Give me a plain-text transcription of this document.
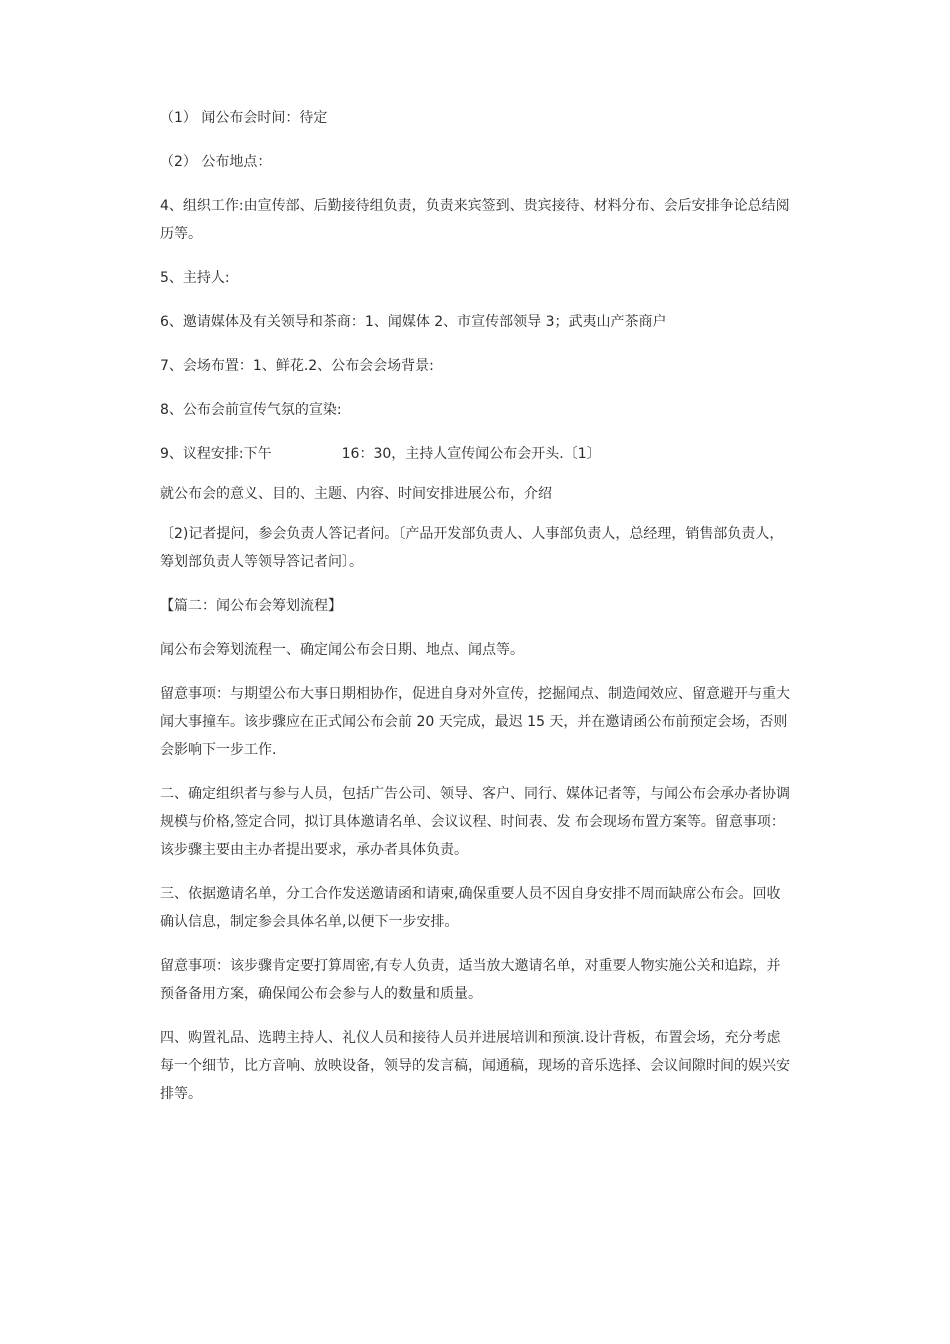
（1） 闻公布会时间：待定

（2） 公布地点：

4、组织工作:由宣传部、后勤接待组负责，负责来宾签到、贵宾接待、材料分布、会后安排争论总结阅历等。

5、主持人:

6、邀请媒体及有关领导和茶商：1、闻媒体 2、市宣传部领导 3；武夷山产茶商户

7、会场布置：1、鲜花.2、公布会会场背景:

8、公布会前宣传气氛的宣染:

9、议程安排:下午　　　　　16：30，主持人宣传闻公布会开头.〔1〕

就公布会的意义、目的、主题、内容、时间安排进展公布，介绍

〔2)记者提问，参会负责人答记者问。〔产品开发部负责人、人事部负责人，总经理，销售部负责人，筹划部负责人等领导答记者问〕。

【篇二：闻公布会筹划流程】

闻公布会筹划流程一、确定闻公布会日期、地点、闻点等。

留意事项：与期望公布大事日期相协作，促进自身对外宣传，挖掘闻点、制造闻效应、留意避开与重大闻大事撞车。该步骤应在正式闻公布会前 20 天完成，最迟 15 天，并在邀请函公布前预定会场，否则会影响下一步工作.

二、确定组织者与参与人员，包括广告公司、领导、客户、同行、媒体记者等，与闻公布会承办者协调规模与价格,签定合同，拟订具体邀请名单、会议议程、时间表、发 布会现场布置方案等。留意事项：该步骤主要由主办者提出要求，承办者具体负责。

三、依据邀请名单，分工合作发送邀请函和请柬,确保重要人员不因自身安排不周而缺席公布会。回收确认信息，制定参会具体名单,以便下一步安排。

留意事项：该步骤肯定要打算周密,有专人负责，适当放大邀请名单，对重要人物实施公关和追踪，并预备备用方案，确保闻公布会参与人的数量和质量。

四、购置礼品、选聘主持人、礼仪人员和接待人员并进展培训和预演.设计背板，布置会场，充分考虑每一个细节，比方音响、放映设备，领导的发言稿，闻通稿，现场的音乐选择、会议间隙时间的娱兴安排等。
